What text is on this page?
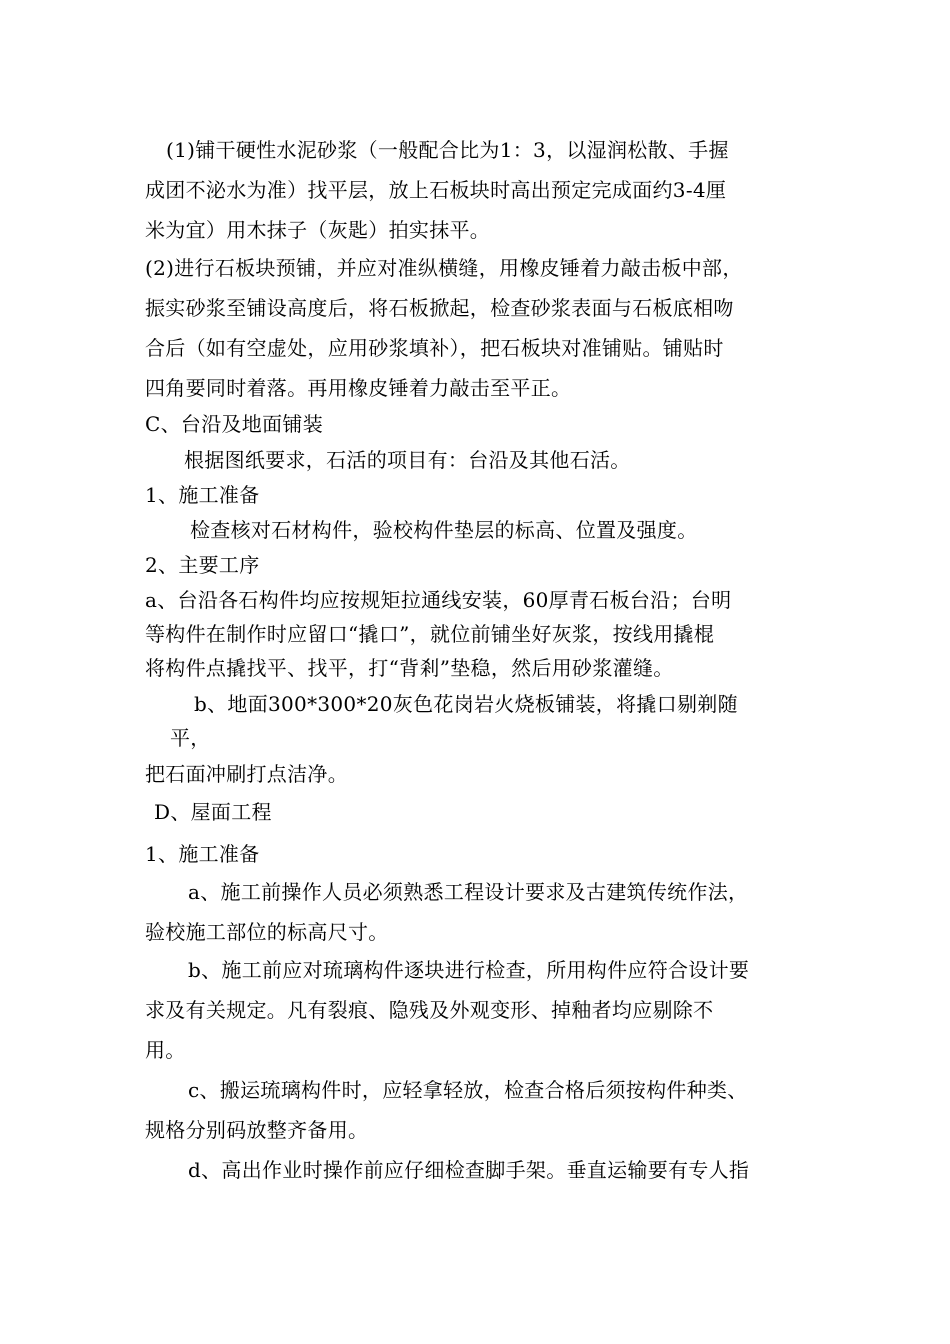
(1)铺干硬性水泥砂浆（一般配合比为1：3，以湿润松散、手握
成团不泌水为准）找平层，放上石板块时高出预定完成面约3-4厘
米为宜）用木抹子（灰匙）拍实抹平。
(2)进行石板块预铺，并应对准纵横缝，用橡皮锤着力敲击板中部，
振实砂浆至铺设高度后，将石板掀起，检查砂浆表面与石板底相吻
合后（如有空虚处，应用砂浆填补），把石板块对准铺贴。铺贴时
四角要同时着落。再用橡皮锤着力敲击至平正。
C、台沿及地面铺装
根据图纸要求，石活的项目有：台沿及其他石活。
1、施工准备
检查核对石材构件，验校构件垫层的标高、位置及强度。
2、主要工序
a、台沿各石构件均应按规矩拉通线安装，60厚青石板台沿；台明
等构件在制作时应留口“撬口”，就位前铺坐好灰浆，按线用撬棍
将构件点撬找平、找平，打“背剎”垫稳，然后用砂浆灌缝。
b、地面300*300*20灰色花岗岩火烧板铺装，将撬口剔剃随
平，
把石面冲刷打点洁净。
D、屋面工程
1、施工准备
a、施工前操作人员必须熟悉工程设计要求及古建筑传统作法，
验校施工部位的标高尺寸。
b、施工前应对琉璃构件逐块进行检查，所用构件应符合设计要
求及有关规定。凡有裂痕、隐残及外观变形、掉釉者均应剔除不
用。
c、搬运琉璃构件时，应轻拿轻放，检查合格后须按构件种类、
规格分别码放整齐备用。
d、高出作业时操作前应仔细检查脚手架。垂直运输要有专人指
